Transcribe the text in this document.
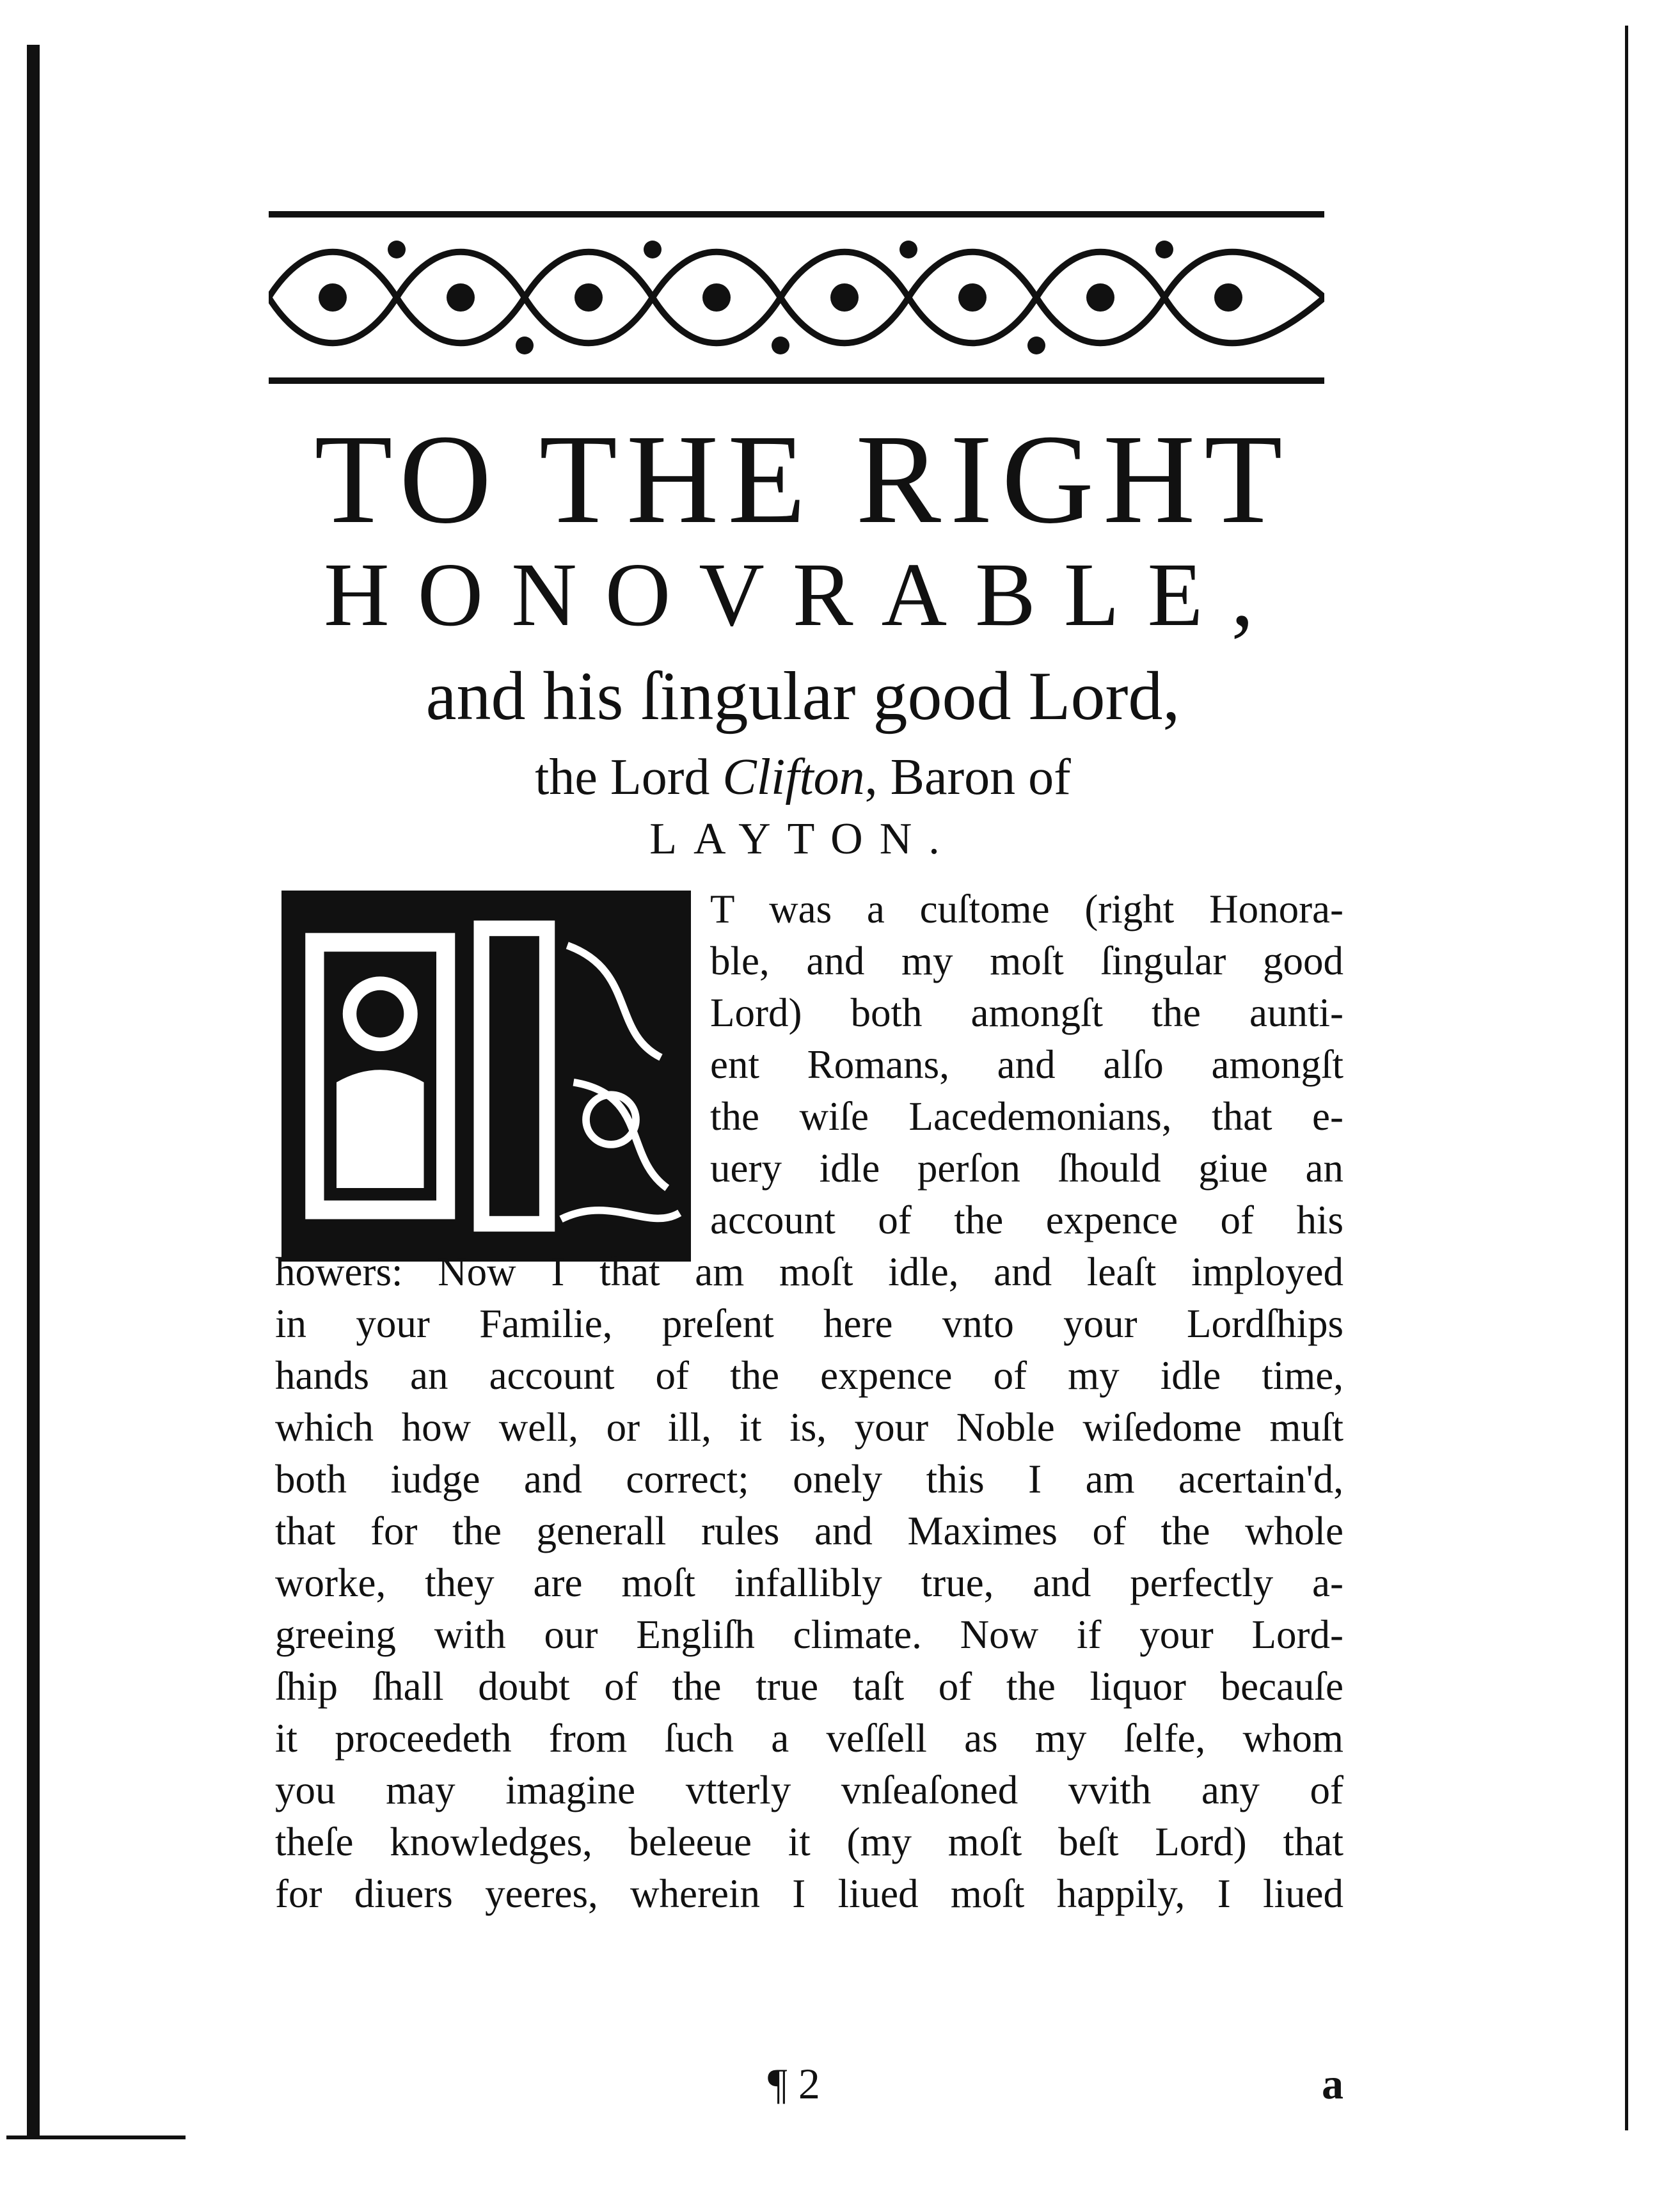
TO THE RIGHT
HONOVRABLE,
and his ſingular good Lord,
the Lord Clifton, Baron of
LAYTON.
T was a cuſtome (right Honora-
ble, and my moſt ſingular good
Lord) both amongſt the aunti-
ent Romans, and alſo amongſt
the wiſe Lacedemonians, that e-
uery idle perſon ſhould giue an
account of the expence of his
howers: Now I that am moſt idle, and leaſt imployed
in your Familie, preſent here vnto your Lordſhips
hands an account of the expence of my idle time,
which how well, or ill, it is, your Noble wiſedome muſt
both iudge and correct; onely this I am acertain'd,
that for the generall rules and Maximes of the whole
worke, they are moſt infallibly true, and perfectly a-
greeing with our Engliſh climate. Now if your Lord-
ſhip ſhall doubt of the true taſt of the liquor becauſe
it proceedeth from ſuch a veſſell as my ſelfe, whom
you may imagine vtterly vnſeaſoned vvith any of
theſe knowledges, beleeue it (my moſt beſt Lord) that
for diuers yeeres, wherein I liued moſt happily, I liued
¶ 2	a
